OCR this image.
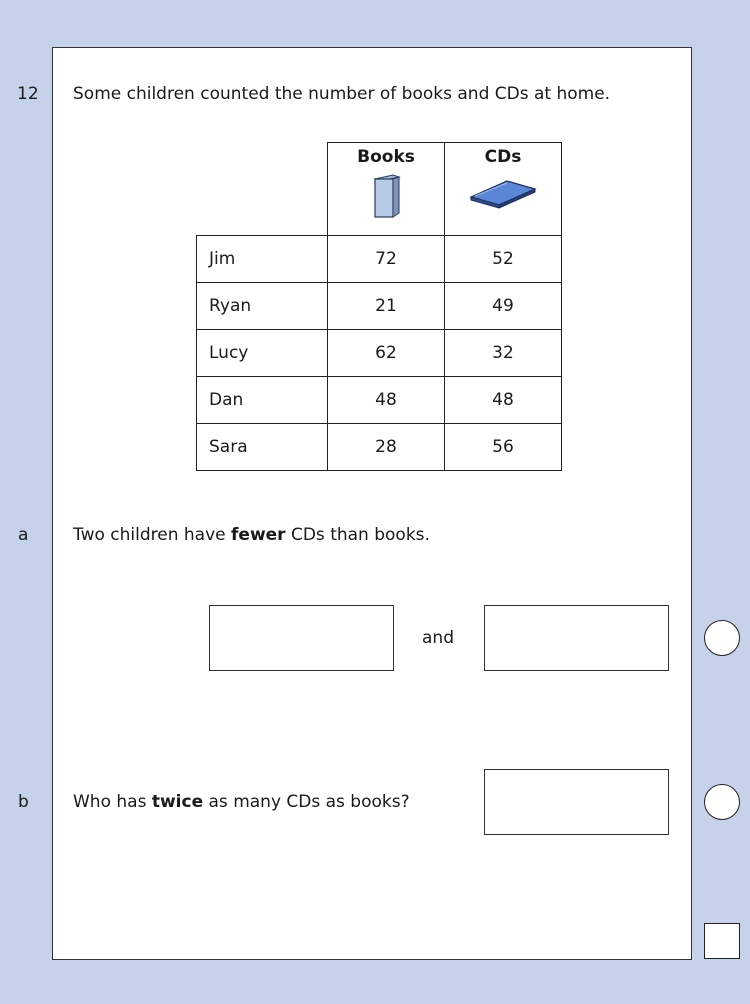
12 Some children counted the number of books and CDs at home.

	Books	CDs

Jim	72	52
Ryan	21	49
Lucy	62	32
Dan	48	48
Sara	28	56
a	Two children have fewer CDs than books.
and
b	Who has twice as many CDs as books?
